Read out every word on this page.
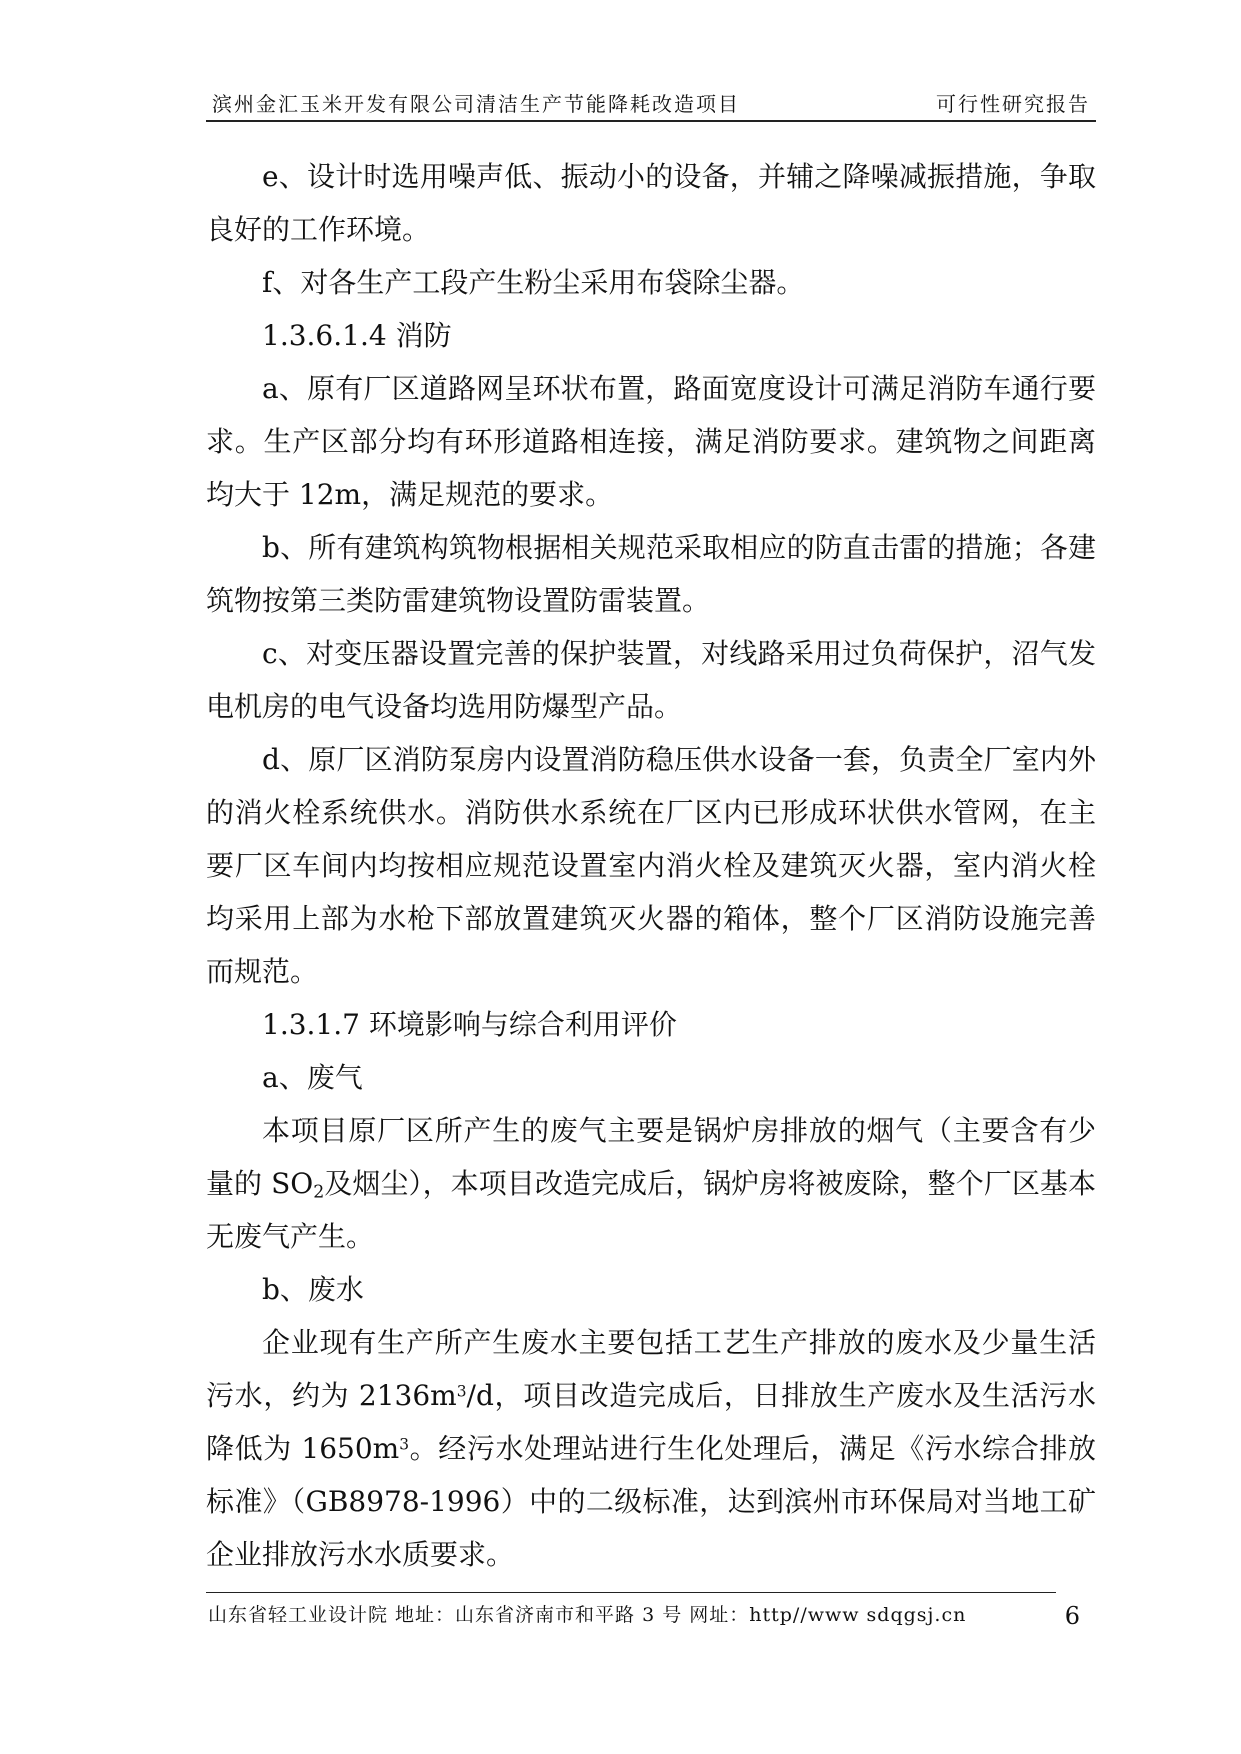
滨州金汇玉米开发有限公司清洁生产节能降耗改造项目	可行性研究报告

e、设计时选用噪声低、振动小的设备，并辅之降噪减振措施，争取良好的工作环境。

f、对各生产工段产生粉尘采用布袋除尘器。

1.3.6.1.4 消防

a、原有厂区道路网呈环状布置，路面宽度设计可满足消防车通行要求。生产区部分均有环形道路相连接，满足消防要求。建筑物之间距离均大于 12m，满足规范的要求。

b、所有建筑构筑物根据相关规范采取相应的防直击雷的措施；各建筑物按第三类防雷建筑物设置防雷装置。

c、对变压器设置完善的保护装置，对线路采用过负荷保护，沼气发电机房的电气设备均选用防爆型产品。

d、原厂区消防泵房内设置消防稳压供水设备一套，负责全厂室内外的消火栓系统供水。消防供水系统在厂区内已形成环状供水管网，在主要厂区车间内均按相应规范设置室内消火栓及建筑灭火器，室内消火栓均采用上部为水枪下部放置建筑灭火器的箱体，整个厂区消防设施完善而规范。

1.3.1.7 环境影响与综合利用评价

a、废气

本项目原厂区所产生的废气主要是锅炉房排放的烟气（主要含有少量的 $SO_2$及烟尘），本项目改造完成后，锅炉房将被废除，整个厂区基本无废气产生。

b、废水

企业现有生产所产生废水主要包括工艺生产排放的废水及少量生活污水，约为 $2136m^3/d$，项目改造完成后，日排放生产废水及生活污水降低为 $1650m^3$。经污水处理站进行生化处理后，满足《污水综合排放标准》（GB8978-1996）中的二级标准，达到滨州市环保局对当地工矿企业排放污水水质要求。

山东省轻工业设计院 地址：山东省济南市和平路 3 号 网址：http//www sdqgsj.cn	6
